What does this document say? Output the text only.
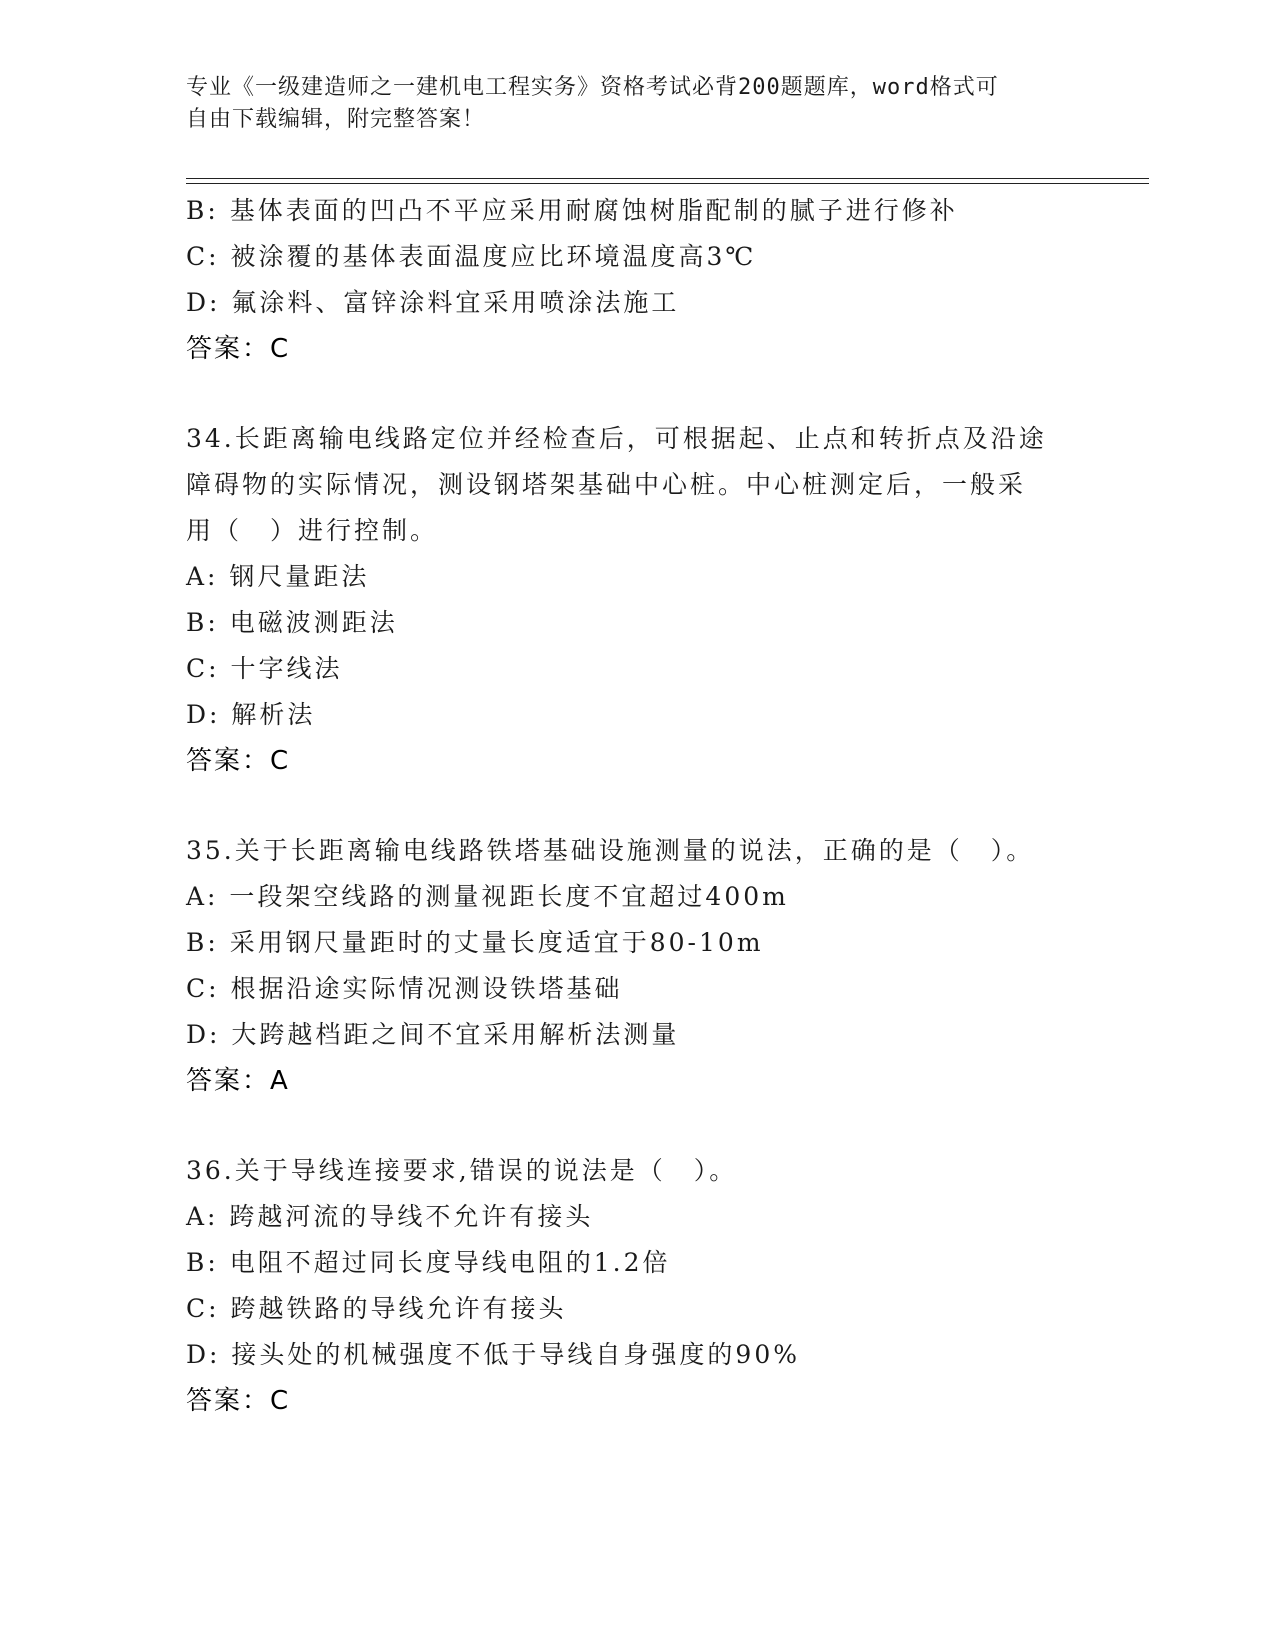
专业《一级建造师之一建机电工程实务》资格考试必背200题题库，word格式可
自由下载编辑，附完整答案！
B: 基体表面的凹凸不平应采用耐腐蚀树脂配制的腻子进行修补
C: 被涂覆的基体表面温度应比环境温度高3℃
D: 氟涂料、富锌涂料宜采用喷涂法施工
答案：C
34.长距离输电线路定位并经检查后，可根据起、止点和转折点及沿途
障碍物的实际情况，测设钢塔架基础中心桩。中心桩测定后，一般采
用（　）进行控制。
A: 钢尺量距法
B: 电磁波测距法
C: 十字线法
D: 解析法
答案：C
35.关于长距离输电线路铁塔基础设施测量的说法，正确的是（　）。
A: 一段架空线路的测量视距长度不宜超过400m
B: 采用钢尺量距时的丈量长度适宜于80-10m
C: 根据沿途实际情况测设铁塔基础
D: 大跨越档距之间不宜采用解析法测量
答案：A
36.关于导线连接要求,错误的说法是（　）。
A: 跨越河流的导线不允许有接头
B: 电阻不超过同长度导线电阻的1.2倍
C: 跨越铁路的导线允许有接头
D: 接头处的机械强度不低于导线自身强度的90%
答案：C
